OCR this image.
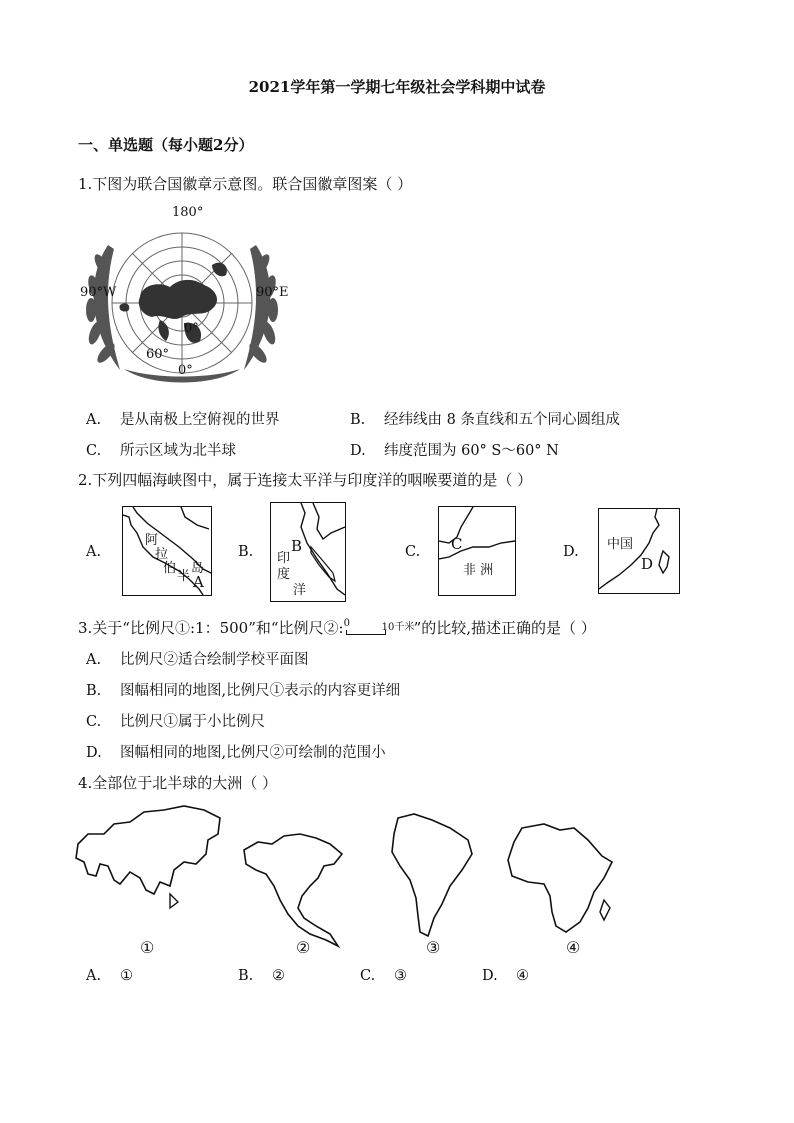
2021学年第一学期七年级社会学科期中试卷
一、单选题（每小题2分）
1.下图为联合国徽章示意图。联合国徽章图案（ ）
180°
90°W	90°E
0°
60°
0°
A. 是从南极上空俯视的世界	B. 经纬线由 8 条直线和五个同心圆组成
C. 所示区域为北半球	D. 纬度范围为 60° S～60° N
2.下列四幅海峡图中，属于连接太平洋与印度洋的咽喉要道的是（ ）
A.
阿
拉
伯
半
岛
A
B.	B
印
度
洋
C. C
非 洲
D. 中国
D
3.关于“比例尺①:1：500”和“比例尺②: 0	10千米 ”的比较,描述正确的是（ ）
A. 比例尺②适合绘制学校平面图
B. 图幅相同的地图,比例尺①表示的内容更详细
C. 比例尺①属于小比例尺
D. 图幅相同的地图,比例尺②可绘制的范围小
4.全部位于北半球的大洲（ ）
①	②	③	④
A. ①	B. ②	C. ③	D. ④
